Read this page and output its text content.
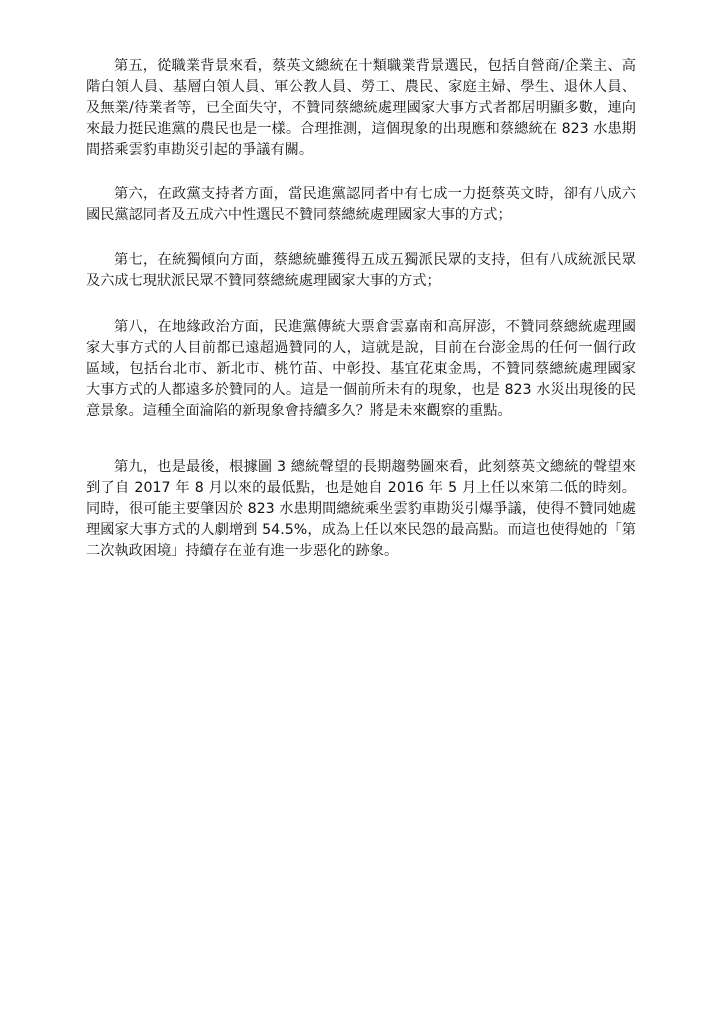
第五，從職業背景來看，蔡英文總統在十類職業背景選民，包括自營商/企業主、高階白領人員、基層白領人員、軍公教人員、勞工、農民、家庭主婦、學生、退休人員、及無業/待業者等，已全面失守，不贊同蔡總統處理國家大事方式者都居明顯多數，連向來最力挺民進黨的農民也是一樣。合理推測，這個現象的出現應和蔡總統在 823 水患期間搭乘雲豹車勘災引起的爭議有關。

第六，在政黨支持者方面，當民進黨認同者中有七成一力挺蔡英文時，卻有八成六國民黨認同者及五成六中性選民不贊同蔡總統處理國家大事的方式；

第七，在統獨傾向方面，蔡總統雖獲得五成五獨派民眾的支持，但有八成統派民眾及六成七現狀派民眾不贊同蔡總統處理國家大事的方式；

第八，在地緣政治方面，民進黨傳統大票倉雲嘉南和高屏澎，不贊同蔡總統處理國家大事方式的人目前都已遠超過贊同的人，這就是說，目前在台澎金馬的任何一個行政區域，包括台北市、新北市、桃竹苗、中彰投、基宜花東金馬，不贊同蔡總統處理國家大事方式的人都遠多於贊同的人。這是一個前所未有的現象，也是 823 水災出現後的民意景象。這種全面淪陷的新現象會持續多久？將是未來觀察的重點。

第九，也是最後，根據圖 3 總統聲望的長期趨勢圖來看，此刻蔡英文總統的聲望來到了自 2017 年 8 月以來的最低點，也是她自 2016 年 5 月上任以來第二低的時刻。同時，很可能主要肇因於 823 水患期間總統乘坐雲豹車勘災引爆爭議，使得不贊同她處理國家大事方式的人劇增到 54.5%，成為上任以來民怨的最高點。而這也使得她的「第二次執政困境」持續存在並有進一步惡化的跡象。
